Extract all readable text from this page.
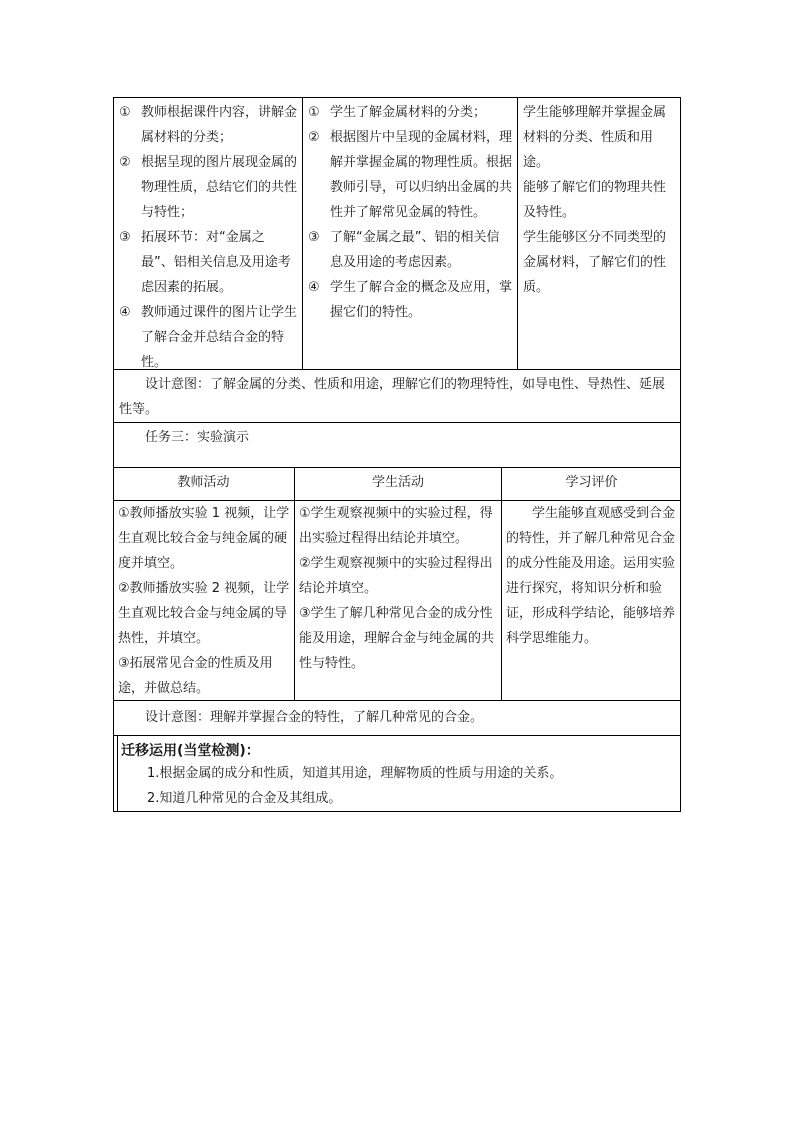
① 教师根据课件内容，讲解金属材料的分类；
② 根据呈现的图片展现金属的物理性质，总结它们的共性与特性；
③ 拓展环节：对“金属之最”、铝相关信息及用途考虑因素的拓展。
④ 教师通过课件的图片让学生了解合金并总结合金的特性。
① 学生了解金属材料的分类；
② 根据图片中呈现的金属材料，理解并掌握金属的物理性质。根据教师引导，可以归纳出金属的共性并了解常见金属的特性。
③ 了解“金属之最”、铝的相关信息及用途的考虑因素。
④ 学生了解合金的概念及应用，掌握它们的特性。
学生能够理解并掌握金属材料的分类、性质和用途。
能够了解它们的物理共性及特性。
学生能够区分不同类型的金属材料，了解它们的性质。
设计意图：了解金属的分类、性质和用途，理解它们的物理特性，如导电性、导热性、延展性等。
任务三：实验演示
教师活动	学生活动	学习评价
①教师播放实验 1 视频，让学生直观比较合金与纯金属的硬度并填空。
②教师播放实验 2 视频，让学生直观比较合金与纯金属的导热性，并填空。
③拓展常见合金的性质及用途，并做总结。
①学生观察视频中的实验过程，得出实验过程得出结论并填空。
②学生观察视频中的实验过程得出结论并填空。
③学生了解几种常见合金的成分性能及用途，理解合金与纯金属的共性与特性。
学生能够直观感受到合金的特性，并了解几种常见合金的成分性能及用途。运用实验进行探究，将知识分析和验证，形成科学结论，能够培养科学思维能力。
设计意图：理解并掌握合金的特性，了解几种常见的合金。
迁移运用(当堂检测)：
1.根据金属的成分和性质，知道其用途，理解物质的性质与用途的关系。
2.知道几种常见的合金及其组成。
